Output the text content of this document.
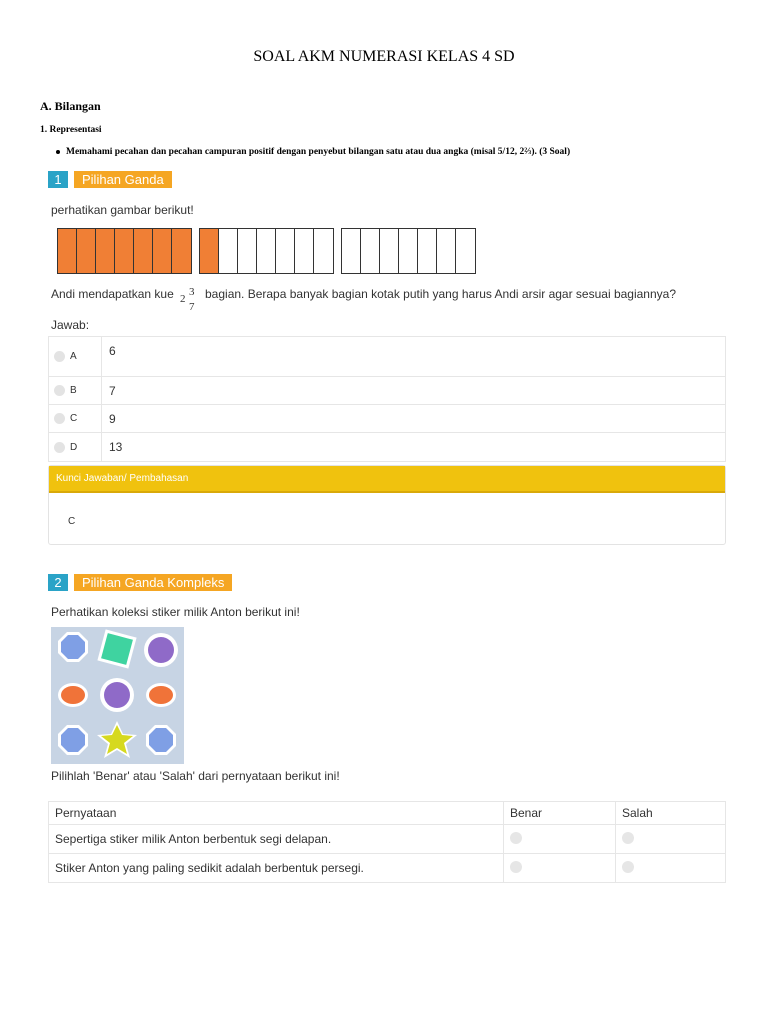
SOAL AKM NUMERASI KELAS 4 SD
A. Bilangan
1. Representasi
Memahami pecahan dan pecahan campuran positif dengan penyebut bilangan satu atau dua angka (misal 5/12, 2⅔). (3 Soal)
1	Pilihan Ganda
perhatikan gambar berikut!
Andi mendapatkan kue 2
3
7
bagian. Berapa banyak bagian kotak putih yang harus Andi arsir agar sesuai bagiannya?
Jawab:
A	6
B	7
C	9
D	13
Kunci Jawaban/ Pembahasan
C
2	Pilihan Ganda Kompleks
Perhatikan koleksi stiker milik Anton berikut ini!
Pilihlah 'Benar' atau 'Salah' dari pernyataan berikut ini!
Pernyataan	Benar	Salah
Sepertiga stiker milik Anton berbentuk segi delapan.		
Stiker Anton yang paling sedikit adalah berbentuk persegi.		
